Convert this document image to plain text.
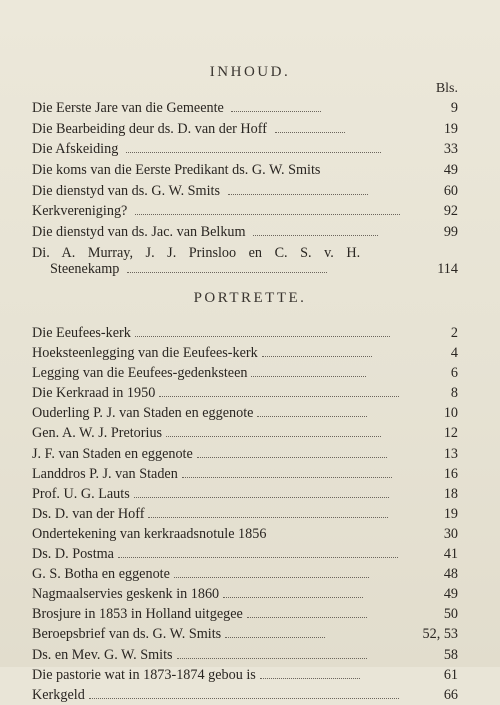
INHOUD.
Bls.
Die Eerste Jare van die Gemeente	9
Die Bearbeiding deur ds. D. van der Hoff	19
Die Afskeiding	33
Die koms van die Eerste Predikant ds. G. W. Smits	49
Die dienstyd van ds. G. W. Smits	60
Kerkvereniging?	92
Die dienstyd van ds. Jac. van Belkum	99
Di. A. Murray, J. J. Prinsloo en C. S. v. H.
Steenekamp	114
PORTRETTE.
Die Eeufees-kerk	2
Hoeksteenlegging van die Eeufees-kerk	4
Legging van die Eeufees-gedenksteen	6
Die Kerkraad in 1950	8
Ouderling P. J. van Staden en eggenote	10
Gen. A. W. J. Pretorius	12
J. F. van Staden en eggenote	13
Landdros P. J. van Staden	16
Prof. U. G. Lauts	18
Ds. D. van der Hoff	19
Ondertekening van kerkraadsnotule 1856	30
Ds. D. Postma	41
G. S. Botha en eggenote	48
Nagmaalservies geskenk in 1860	49
Brosjure in 1853 in Holland uitgegee	50
Beroepsbrief van ds. G. W. Smits	52, 53
Ds. en Mev. G. W. Smits	58
Die pastorie wat in 1873-1874 gebou is	61
Kerkgeld	66
